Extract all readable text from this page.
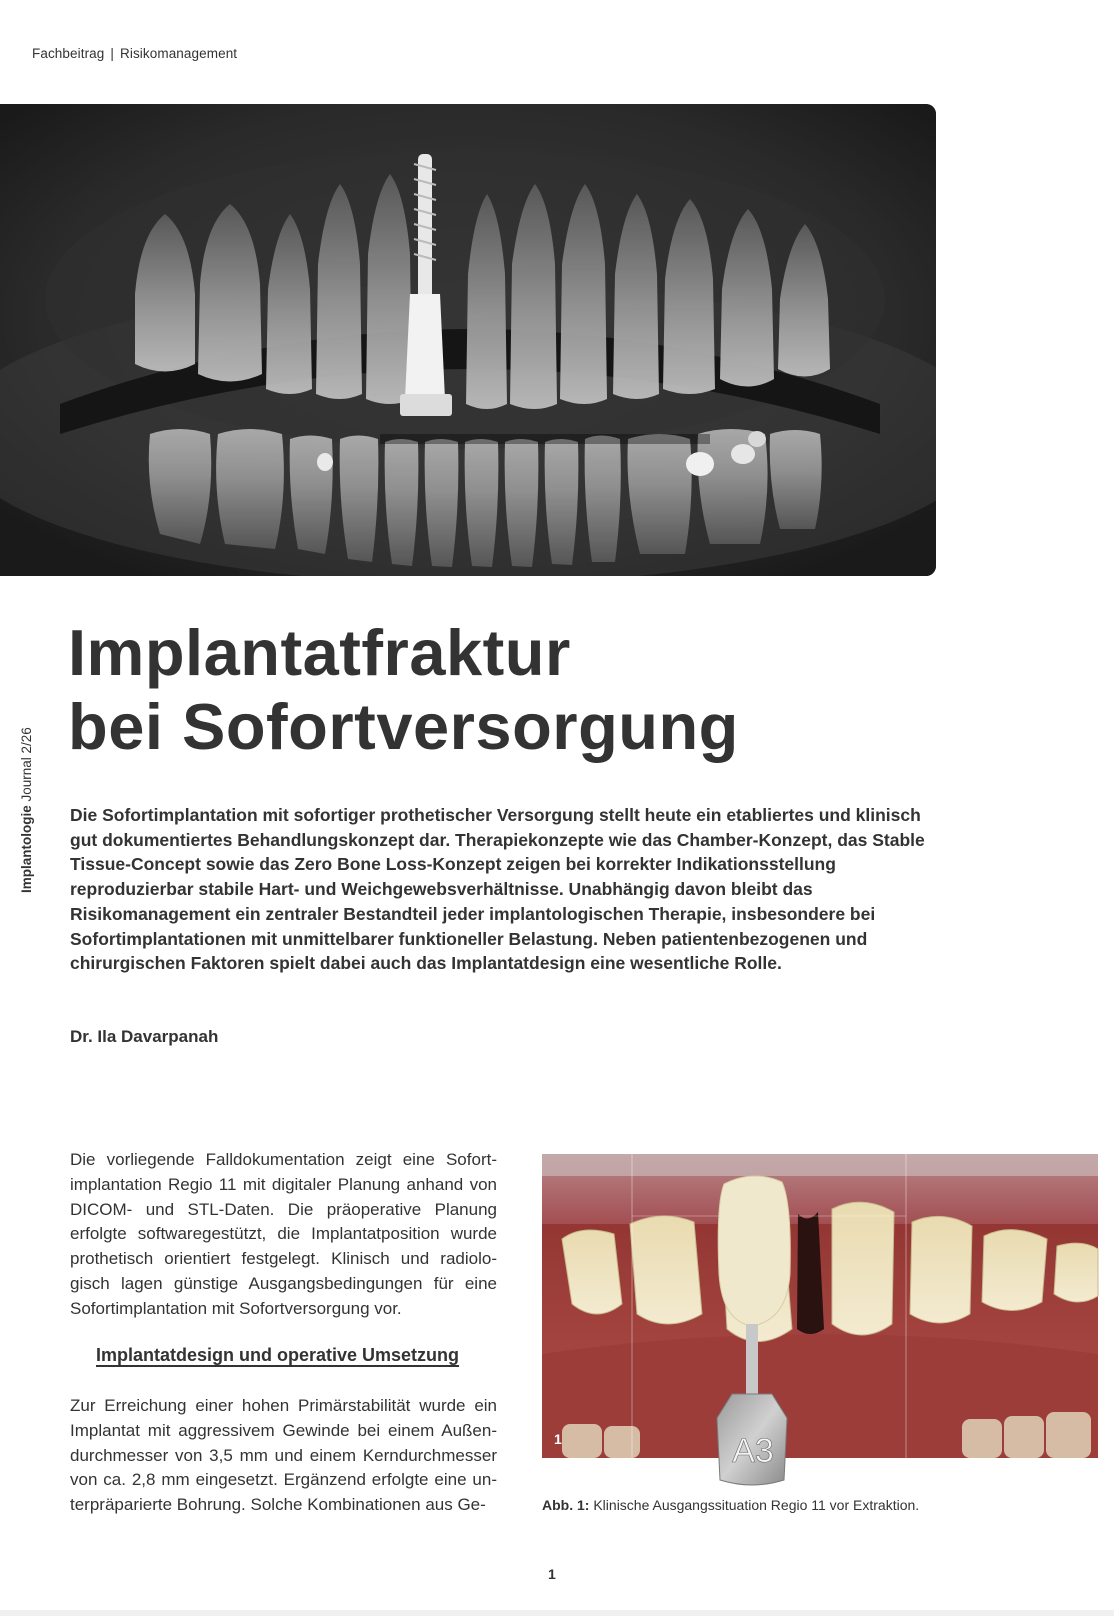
Fachbeitrag | Risikomanagement
Implantologie Journal 2/26
Implantatfraktur
bei Sofortversorgung

Die Sofortimplantation mit sofortiger prothetischer Versorgung stellt heute ein etabliertes und klinisch gut dokumentiertes Behandlungskonzept dar. Therapiekonzepte wie das Chamber-Konzept, das Stable Tissue-Concept sowie das Zero Bone Loss-Konzept zeigen bei korrekter Indikationsstellung reproduzierbar stabile Hart- und Weichgewebsverhältnisse. Unabhängig davon bleibt das Risikomanagement ein zentraler Bestandteil jeder implantologischen Therapie, insbesondere bei Sofortimplantationen mit unmittelbarer funktioneller Belastung. Neben patientenbezogenen und chirurgischen Faktoren spielt dabei auch das Implantatdesign eine wesentliche Rolle.

Dr. Ila Davarpanah

Die vorliegende Falldokumentation zeigt eine Sofortimplantation Regio 11 mit digitaler Planung anhand von DICOM- und STL-Daten. Die präoperative Planung erfolgte softwaregestützt, die Implantatposition wurde prothetisch orientiert festgelegt. Klinisch und radiologisch lagen günstige Ausgangsbedingungen für eine Sofortimplantation mit Sofortversorgung vor.

Implantatdesign und operative Umsetzung

Zur Erreichung einer hohen Primärstabilität wurde ein Implantat mit aggressivem Gewinde bei einem Außendurchmesser von 3,5 mm und einem Kerndurchmesser von ca. 2,8 mm eingesetzt. Ergänzend erfolgte eine unterpräparierte Bohrung. Solche Kombinationen aus Ge-

A3
1
Abb. 1: Klinische Ausgangssituation Regio 11 vor Extraktion.
1
